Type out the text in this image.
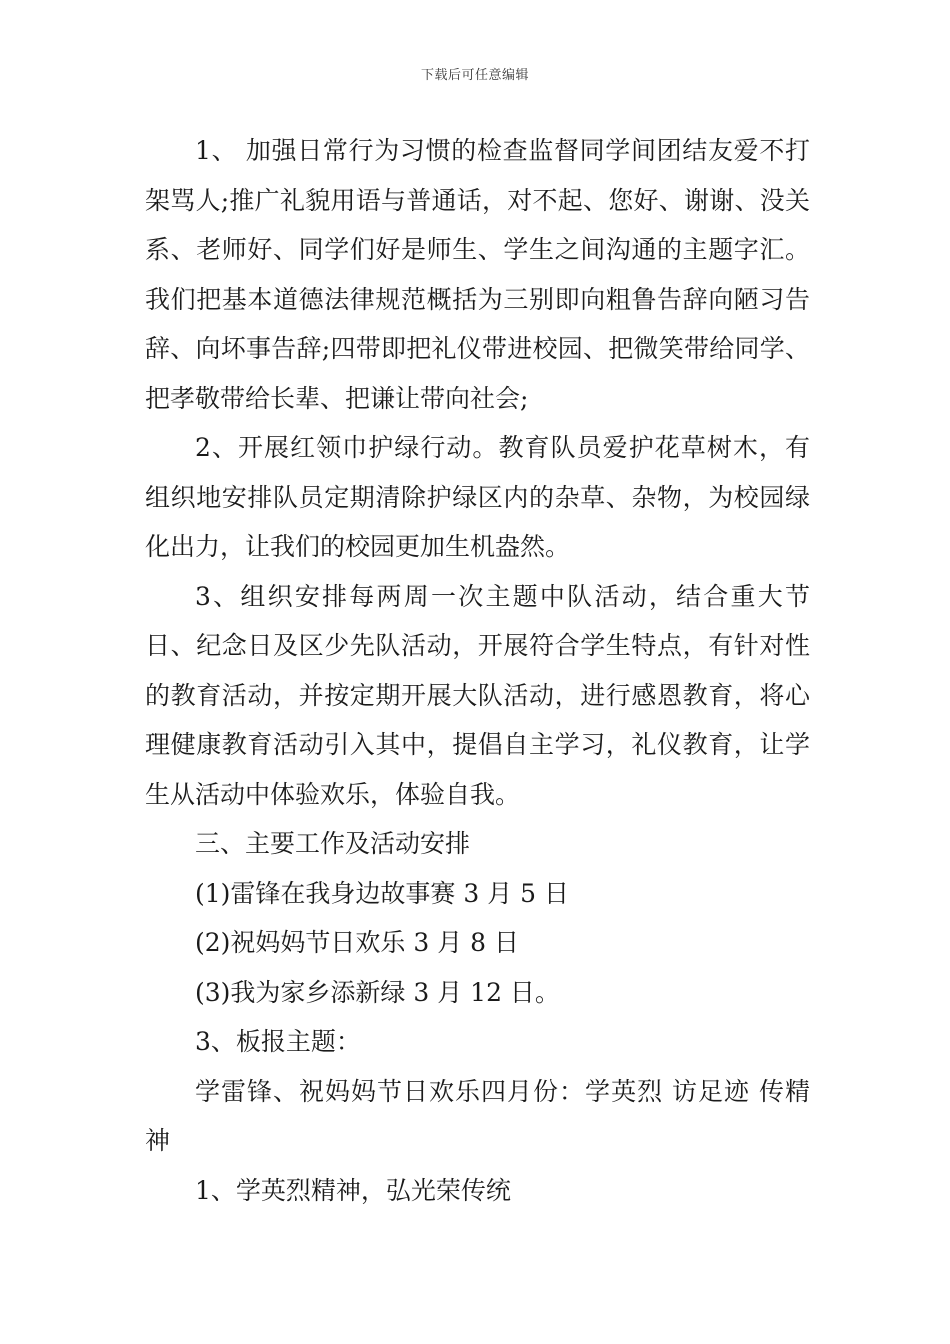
下载后可任意编辑

1、 加强日常行为习惯的检查监督同学间团结友爱不打架骂人;推广礼貌用语与普通话，对不起、您好、谢谢、没关系、老师好、同学们好是师生、学生之间沟通的主题字汇。我们把基本道德法律规范概括为三别即向粗鲁告辞向陋习告辞、向坏事告辞;四带即把礼仪带进校园、把微笑带给同学、把孝敬带给长辈、把谦让带向社会;

2、开展红领巾护绿行动。教育队员爱护花草树木，有组织地安排队员定期清除护绿区内的杂草、杂物，为校园绿化出力，让我们的校园更加生机盎然。

3、组织安排每两周一次主题中队活动，结合重大节日、纪念日及区少先队活动，开展符合学生特点，有针对性的教育活动，并按定期开展大队活动，进行感恩教育，将心理健康教育活动引入其中，提倡自主学习，礼仪教育，让学生从活动中体验欢乐，体验自我。

三、主要工作及活动安排

(1)雷锋在我身边故事赛 3 月 5 日

(2)祝妈妈节日欢乐 3 月 8 日

(3)我为家乡添新绿 3 月 12 日。

3、板报主题：

学雷锋、祝妈妈节日欢乐四月份：学英烈 访足迹 传精神

1、学英烈精神，弘光荣传统
